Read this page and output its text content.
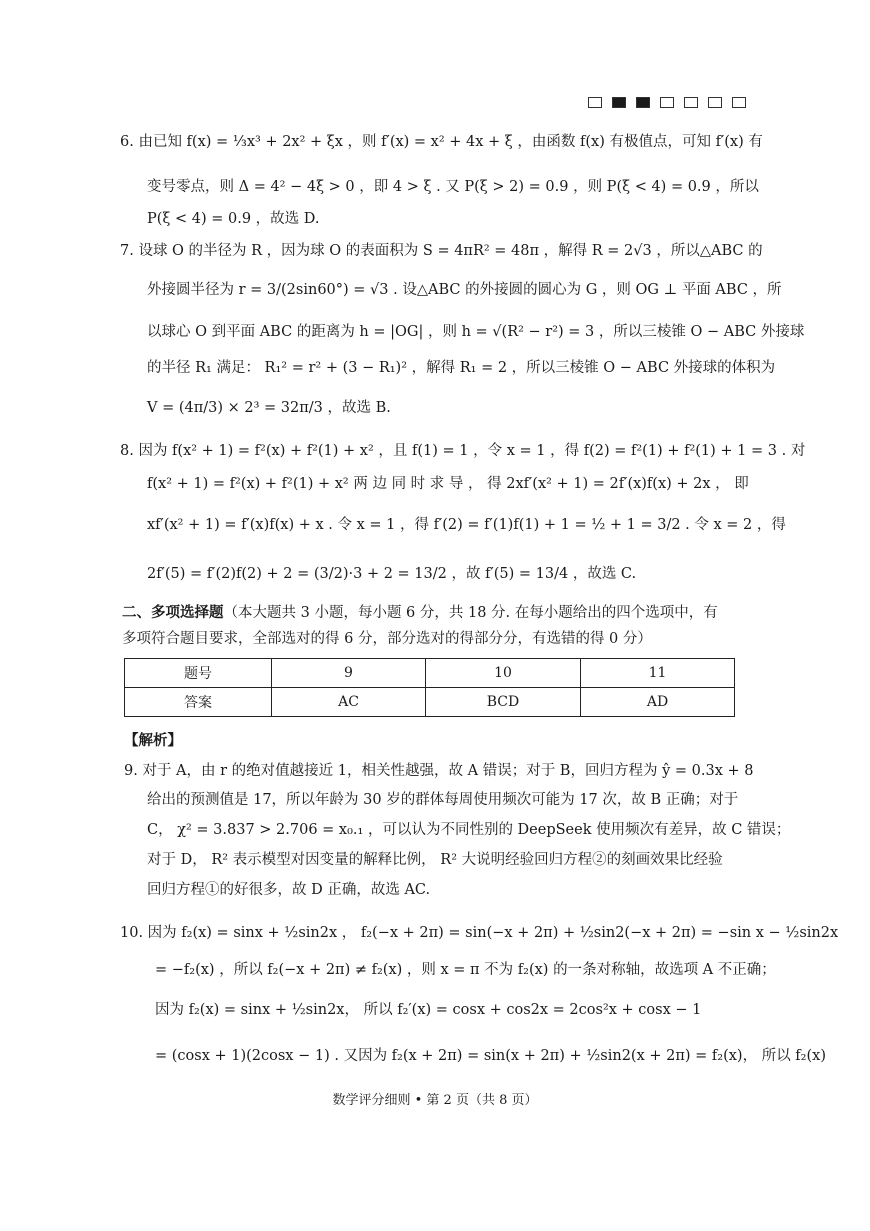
6. 由已知 f(x) = ⅓x³ + 2x² + ξx ，则 f′(x) = x² + 4x + ξ ，由函数 f(x) 有极值点，可知 f′(x) 有
变号零点，则 Δ = 4² − 4ξ > 0 ，即 4 > ξ . 又 P(ξ > 2) = 0.9 ，则 P(ξ < 4) = 0.9 ，所以
P(ξ < 4) = 0.9 ，故选 D.
7. 设球 O 的半径为 R ，因为球 O 的表面积为 S = 4πR² = 48π ，解得 R = 2√3 ，所以△ABC 的
外接圆半径为 r = 3/(2sin60°) = √3 . 设△ABC 的外接圆的圆心为 G ，则 OG ⊥ 平面 ABC ，所
以球心 O 到平面 ABC 的距离为 h = |OG| ，则 h = √(R² − r²) = 3 ，所以三棱锥 O − ABC 外接球
的半径 R₁ 满足： R₁² = r² + (3 − R₁)² ，解得 R₁ = 2 ，所以三棱锥 O − ABC 外接球的体积为
V = (4π/3) × 2³ = 32π/3 ，故选 B.
8. 因为 f(x² + 1) = f²(x) + f²(1) + x² ，且 f(1) = 1 ，令 x = 1 ，得 f(2) = f²(1) + f²(1) + 1 = 3 . 对
f(x² + 1) = f²(x) + f²(1) + x² 两 边 同 时 求 导 ， 得 2xf′(x² + 1) = 2f′(x)f(x) + 2x ， 即
xf′(x² + 1) = f′(x)f(x) + x . 令 x = 1 ，得 f′(2) = f′(1)f(1) + 1 = ½ + 1 = 3/2 . 令 x = 2 ，得
2f′(5) = f′(2)f(2) + 2 = (3/2)·3 + 2 = 13/2 ，故 f′(5) = 13/4 ，故选 C.
二、多项选择题（本大题共 3 小题，每小题 6 分，共 18 分. 在每小题给出的四个选项中，有
多项符合题目要求，全部选对的得 6 分，部分选对的得部分分，有选错的得 0 分）
题号	9	10	11
答案	AC	BCD	AD
【解析】
9. 对于 A，由 r 的绝对值越接近 1，相关性越强，故 A 错误；对于 B，回归方程为 ŷ = 0.3x + 8
给出的预测值是 17，所以年龄为 30 岁的群体每周使用频次可能为 17 次，故 B 正确；对于
C， χ² = 3.837 > 2.706 = x₀.₁ ，可以认为不同性别的 DeepSeek 使用频次有差异，故 C 错误；
对于 D， R² 表示模型对因变量的解释比例， R² 大说明经验回归方程②的刻画效果比经验
回归方程①的好很多，故 D 正确，故选 AC.
10. 因为 f₂(x) = sinx + ½sin2x ， f₂(−x + 2π) = sin(−x + 2π) + ½sin2(−x + 2π) = −sin x − ½sin2x
= −f₂(x) ，所以 f₂(−x + 2π) ≠ f₂(x) ，则 x = π 不为 f₂(x) 的一条对称轴，故选项 A 不正确；
因为 f₂(x) = sinx + ½sin2x， 所以 f₂′(x) = cosx + cos2x = 2cos²x + cosx − 1
= (cosx + 1)(2cosx − 1) . 又因为 f₂(x + 2π) = sin(x + 2π) + ½sin2(x + 2π) = f₂(x)， 所以 f₂(x)
数学评分细则 • 第 2 页（共 8 页）
